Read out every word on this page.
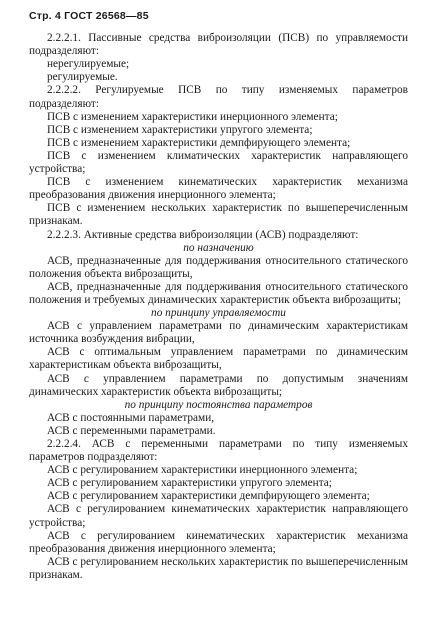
Стр. 4 ГОСТ 26568—85

2.2.2.1. Пассивные средства виброизоляции (ПСВ) по управляемости подразделяют:

нерегулируемые;

регулируемые.

2.2.2.2. Регулируемые ПСВ по типу изменяемых параметров подразделяют:

ПСВ с изменением характеристики инерционного элемента;

ПСВ с изменением характеристики упругого элемента;

ПСВ с изменением характеристики демпфирующего элемента;

ПСВ с изменением климатических характеристик направляющего устройства;

ПСВ с изменением кинематических характеристик механизма преобразования движения инерционного элемента;

ПСВ с изменением нескольких характеристик по вышеперечисленным признакам.

2.2.2.3. Активные средства виброизоляции (АСВ) подразделяют:

по назначению

АСВ, предназначенные для поддерживания относительного статического положения объекта виброзащиты,

АСВ, предназначенные для поддерживания относительного статического положения и требуемых динамических характеристик объекта виброзащиты;

по принципу управляемости

АСВ с управлением параметрами по динамическим характеристикам источника возбуждения вибрации,

АСВ с оптимальным управлением параметрами по динамическим характеристикам объекта виброзащиты,

АСВ с управлением параметрами по допустимым значениям динамических характеристик объекта виброзащиты;

по принципу постоянства параметров

АСВ с постоянными параметрами,

АСВ с переменными параметрами.

2.2.2.4. АСВ с переменными параметрами по типу изменяемых параметров подразделяют:

АСВ с регулированием характеристики инерционного элемента;

АСВ с регулированием характеристики упругого элемента;

АСВ с регулированием характеристики демпфирующего элемента;

АСВ с регулированием кинематических характеристик направляющего устройства;

АСВ с регулированием кинематических характеристик механизма преобразования движения инерционного элемента;

АСВ с регулированием нескольких характеристик по вышеперечисленным признакам.
